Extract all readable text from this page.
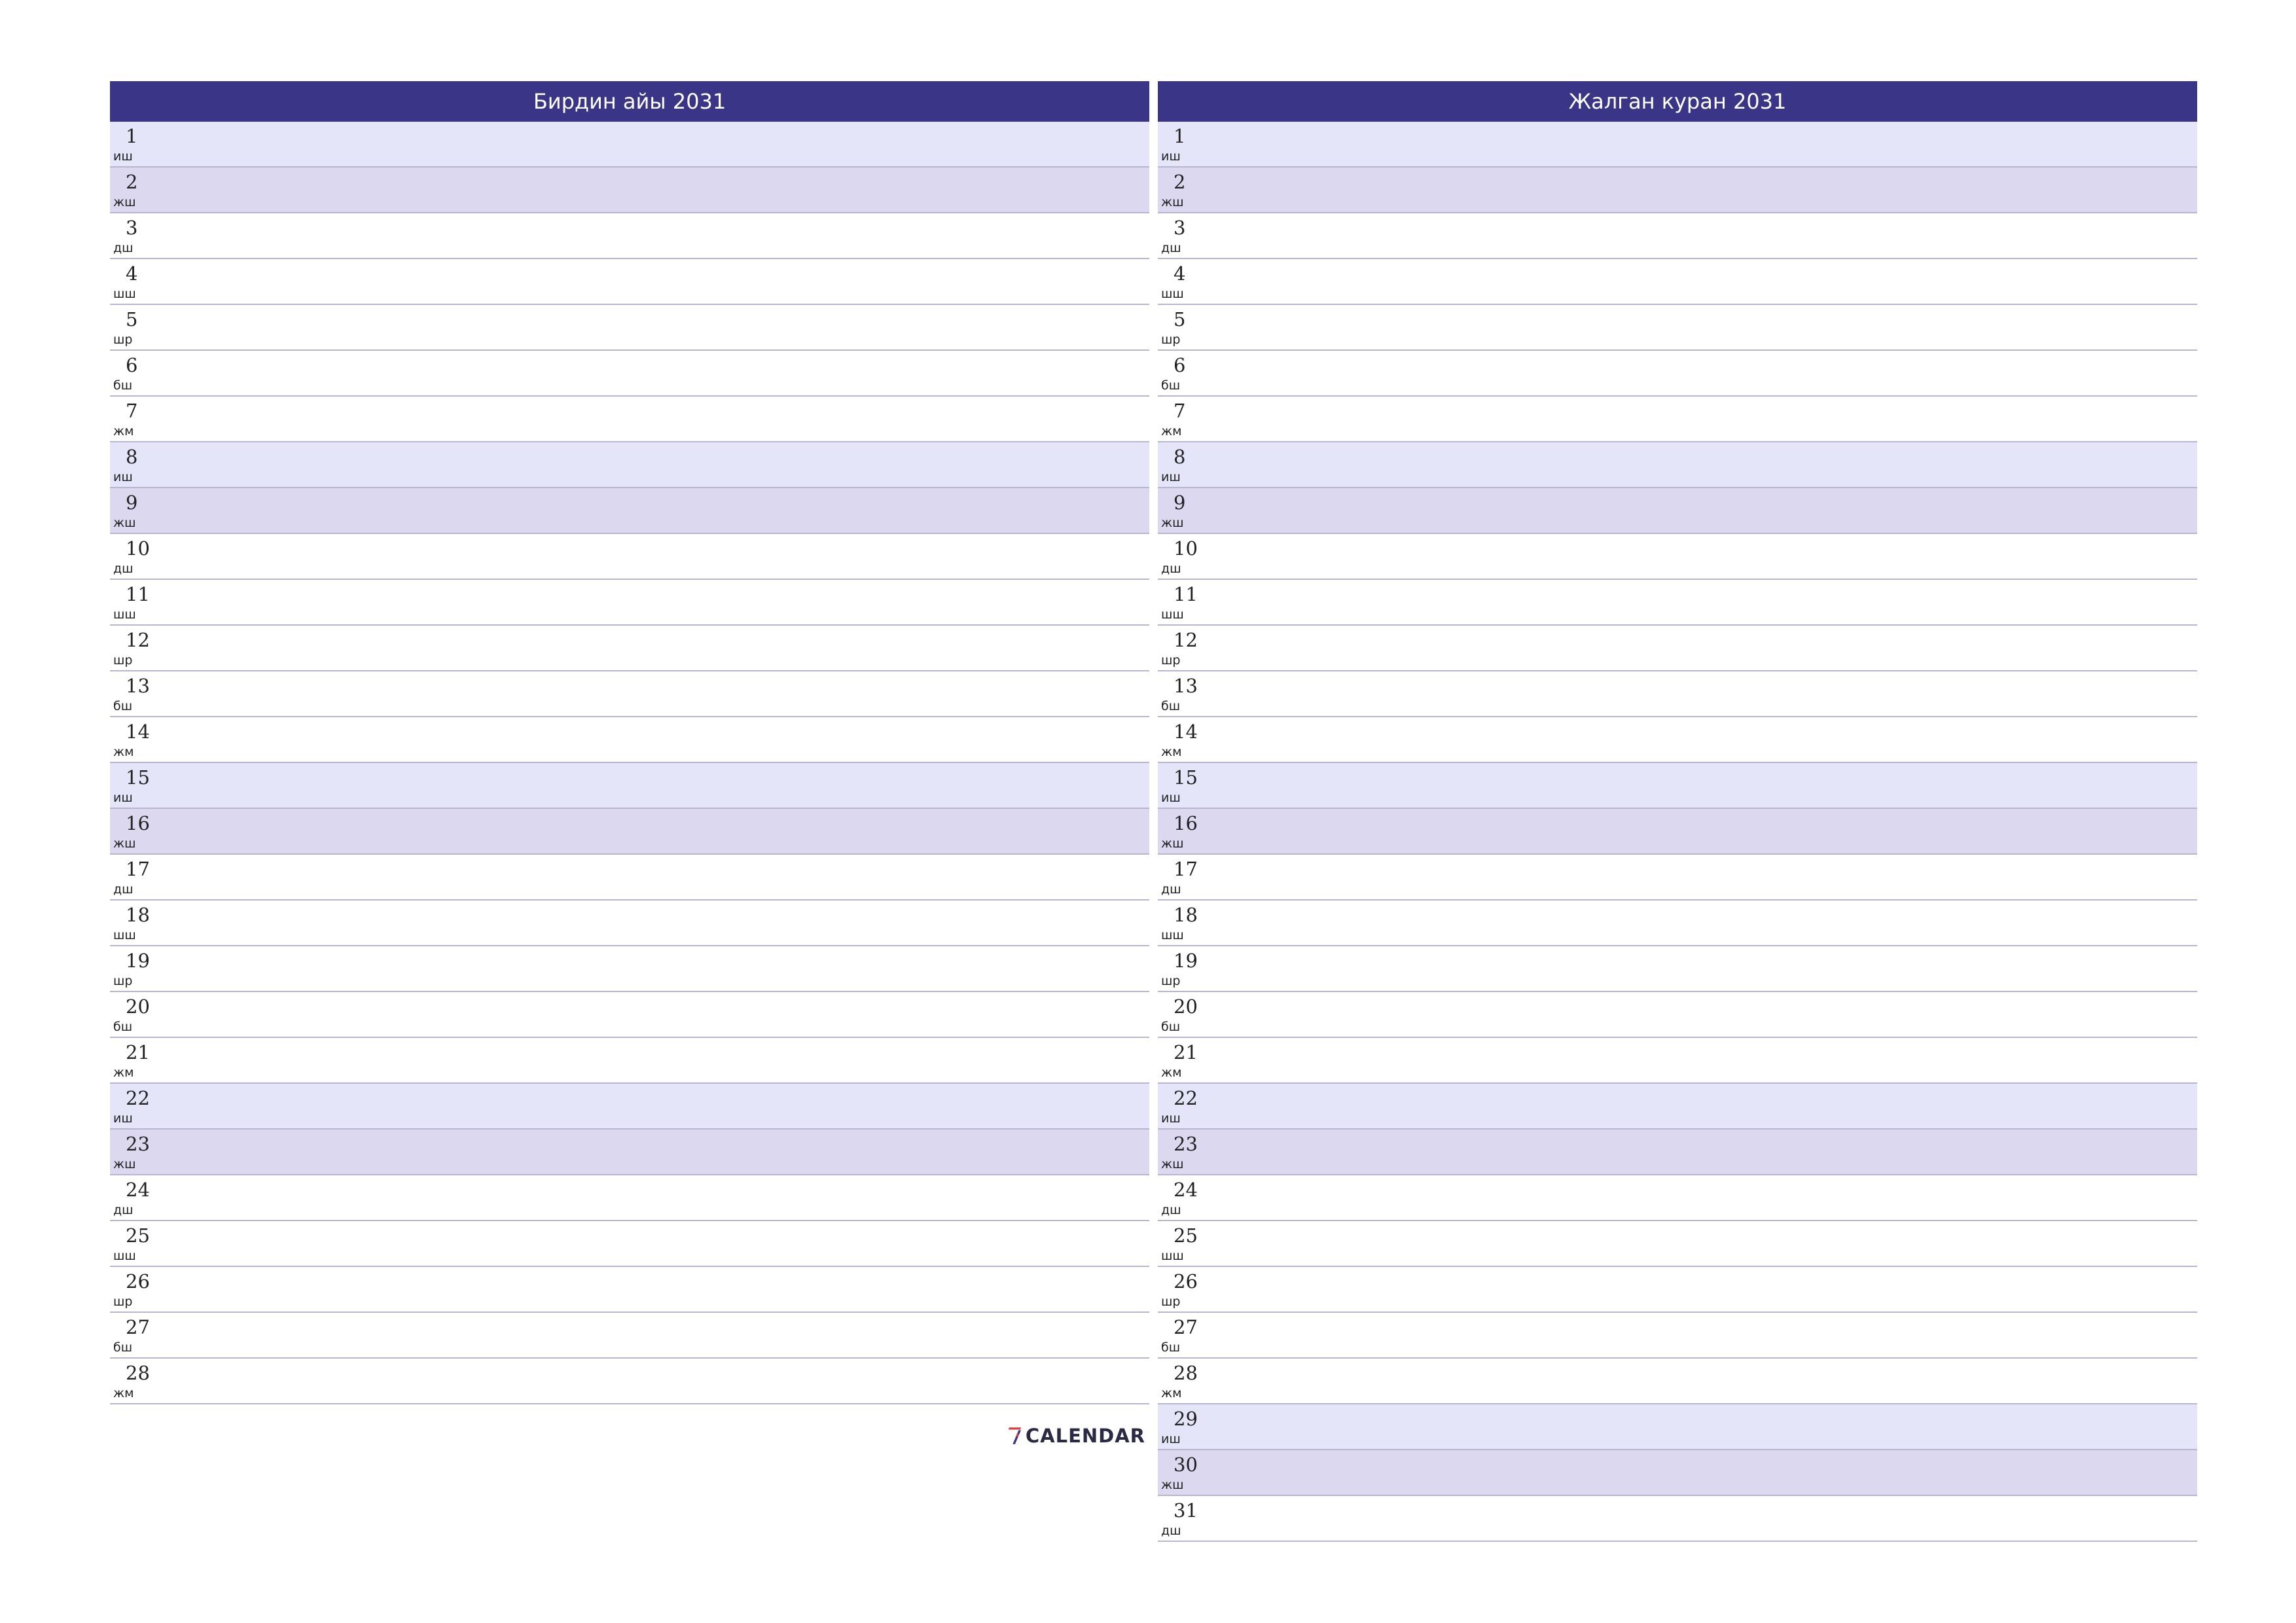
Бирдин айы 2031
1
иш
2
жш
3
дш
4
шш
5
шр
6
бш
7
жм
8
иш
9
жш
10
дш
11
шш
12
шр
13
бш
14
жм
15
иш
16
жш
17
дш
18
шш
19
шр
20
бш
21
жм
22
иш
23
жш
24
дш
25
шш
26
шр
27
бш
28
жм
Жалган куран 2031
1
иш
2
жш
3
дш
4
шш
5
шр
6
бш
7
жм
8
иш
9
жш
10
дш
11
шш
12
шр
13
бш
14
жм
15
иш
16
жш
17
дш
18
шш
19
шр
20
бш
21
жм
22
иш
23
жш
24
дш
25
шш
26
шр
27
бш
28
жм
29
иш
30
жш
31
дш
CALENDAR
